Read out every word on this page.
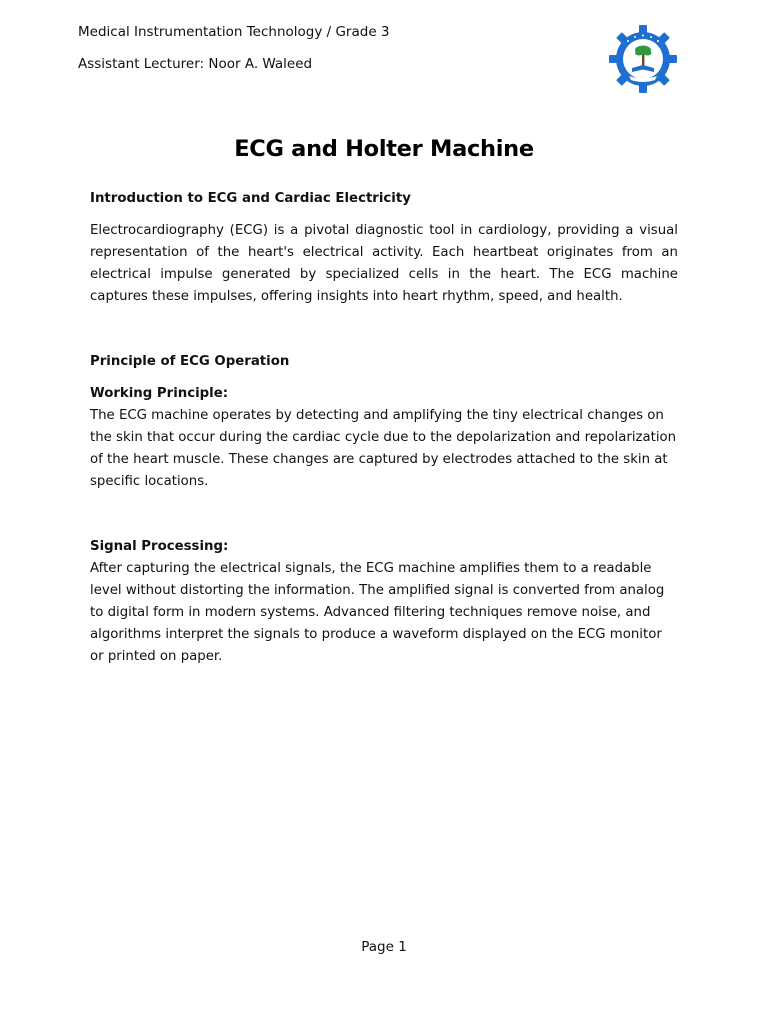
Medical Instrumentation Technology / Grade 3
Assistant Lecturer: Noor A. Waleed
ECG and Holter Machine

Introduction to ECG and Cardiac Electricity

Electrocardiography (ECG) is a pivotal diagnostic tool in cardiology, providing a visual representation of the heart's electrical activity. Each heartbeat originates from an electrical impulse generated by specialized cells in the heart. The ECG machine captures these impulses, offering insights into heart rhythm, speed, and health.

Principle of ECG Operation

Working Principle:

The ECG machine operates by detecting and amplifying the tiny electrical changes on the skin that occur during the cardiac cycle due to the depolarization and repolarization of the heart muscle. These changes are captured by electrodes attached to the skin at specific locations.

Signal Processing:

After capturing the electrical signals, the ECG machine amplifies them to a readable level without distorting the information. The amplified signal is converted from analog to digital form in modern systems. Advanced filtering techniques remove noise, and algorithms interpret the signals to produce a waveform displayed on the ECG monitor or printed on paper.

Page 1
